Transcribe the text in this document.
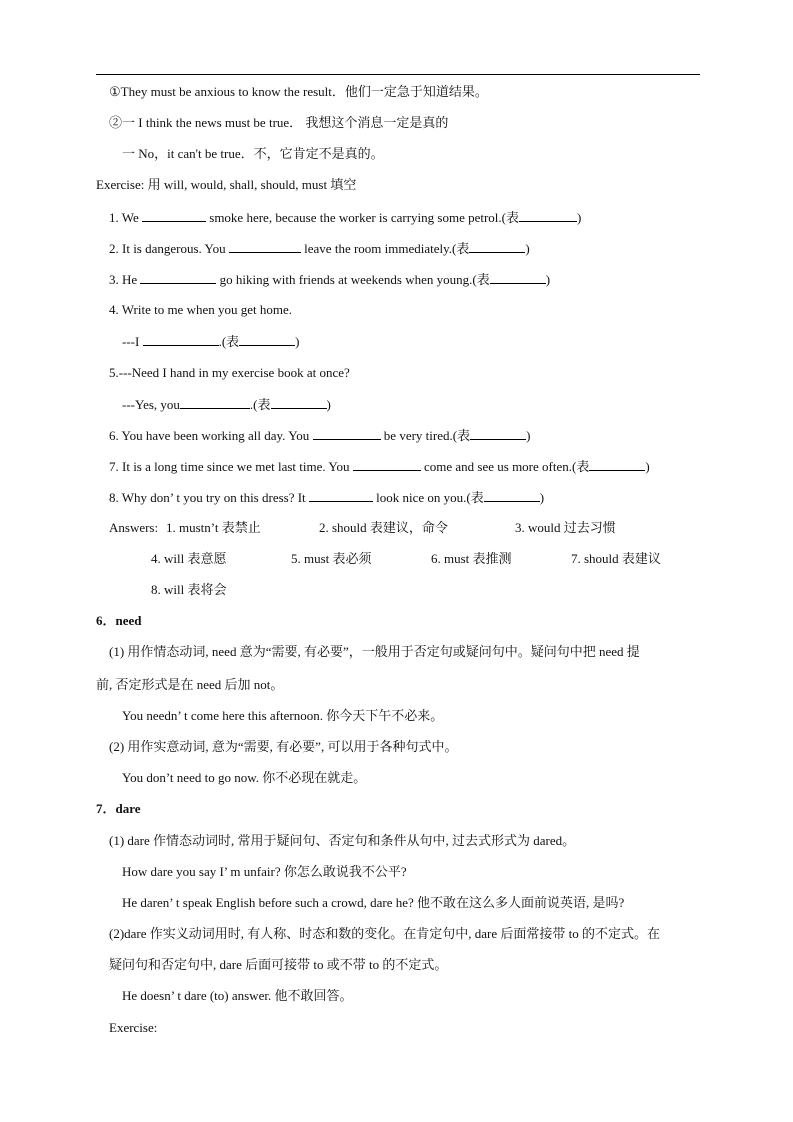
①They must be anxious to know the result．他们一定急于知道结果。
②一 I think the news must be true． 我想这个消息一定是真的
一 No，it can't be true．不，它肯定不是真的。
Exercise: 用 will, would, shall, should, must 填空
1. We	smoke here, because the worker is carrying some petrol.(表	)
2. It is dangerous. You	leave the room immediately.(表	)
3. He	go hiking with friends at weekends when young.(表	)
4. Write to me when you get home.
---I	.(表	)
5.---Need I hand in my exercise book at once?
---Yes, you	.(表	)
6. You have been working all day. You	be very tired.(表	)
7. It is a long time since we met last time. You	come and see us more often.(表	)
8. Why don’ t you try on this dress? It	look nice on you.(表	)
Answers: 1. mustn’t 表禁止	2. should 表建议，命令	3. would 过去习惯
4. will 表意愿	5. must 表必须	6. must 表推测	7. should 表建议
8. will 表将会
6．need
(1) 用作情态动词, need 意为“需要, 有必要”，一般用于否定句或疑问句中。疑问句中把 need 提
前, 否定形式是在 need 后加 not。
You needn’ t come here this afternoon. 你今天下午不必来。
(2) 用作实意动词, 意为“需要, 有必要”, 可以用于各种句式中。
You don’t need to go now. 你不必现在就走。
7．dare
(1) dare 作情态动词时, 常用于疑问句、否定句和条件从句中, 过去式形式为 dared。
How dare you say I’ m unfair? 你怎么敢说我不公平?
He daren’ t speak English before such a crowd, dare he? 他不敢在这么多人面前说英语, 是吗?
(2)dare 作实义动词用时, 有人称、时态和数的变化。在肯定句中, dare 后面常接带 to 的不定式。在
疑问句和否定句中, dare 后面可接带 to 或不带 to 的不定式。
He doesn’ t dare (to) answer. 他不敢回答。
Exercise:
